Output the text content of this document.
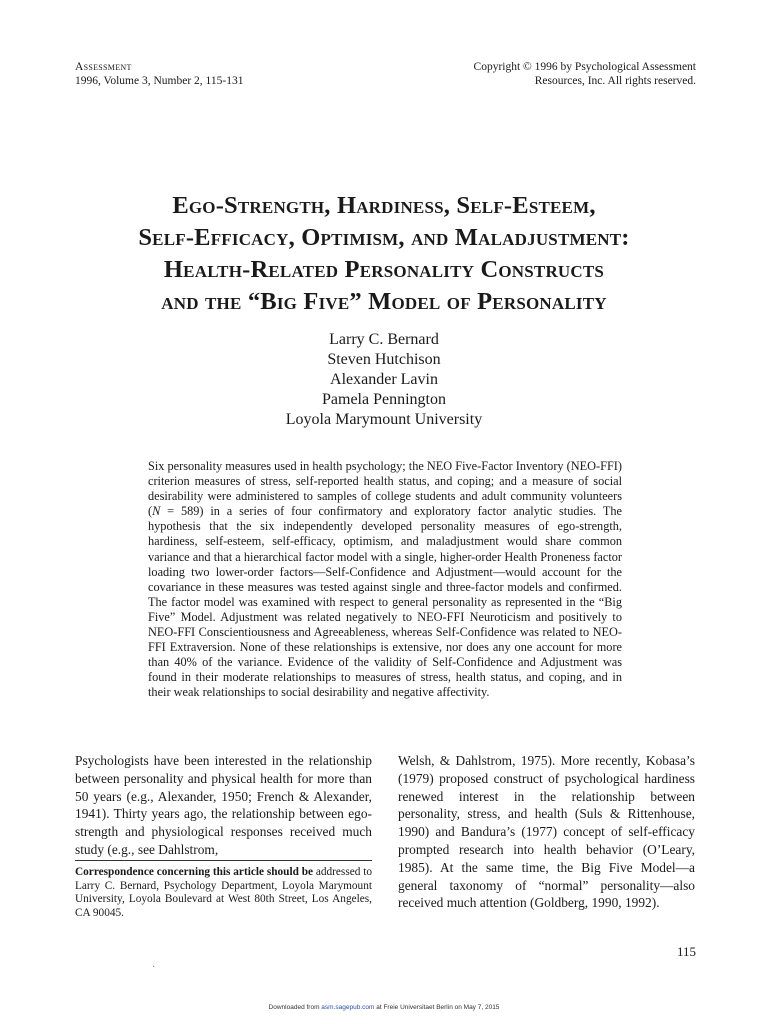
Assessment
1996, Volume 3, Number 2, 115-131
Copyright © 1996 by Psychological Assessment
Resources, Inc. All rights reserved.
Ego-Strength, Hardiness, Self-Esteem,
Self-Efficacy, Optimism, and Maladjustment:
Health-Related Personality Constructs
and the “Big Five” Model of Personality
Larry C. Bernard
Steven Hutchison
Alexander Lavin
Pamela Pennington
Loyola Marymount University
Six personality measures used in health psychology; the NEO Five-Factor Inventory (NEO-FFI) criterion measures of stress, self-reported health status, and coping; and a measure of social desirability were administered to samples of college students and adult community volunteers (N = 589) in a series of four confirmatory and exploratory factor analytic studies. The hypothesis that the six independently developed personality measures of ego-strength, hardiness, self-esteem, self-efficacy, optimism, and maladjustment would share common variance and that a hierarchical factor model with a single, higher-order Health Proneness factor loading two lower-order factors—Self-Confidence and Adjustment—would account for the covariance in these measures was tested against single and three-factor models and confirmed. The factor model was examined with respect to general personality as represented in the “Big Five” Model. Adjustment was related negatively to NEO-FFI Neuroticism and positively to NEO-FFI Conscientiousness and Agreeableness, whereas Self-Confidence was related to NEO-FFI Extraversion. None of these relationships is extensive, nor does any one account for more than 40% of the variance. Evidence of the validity of Self-Confidence and Adjustment was found in their moderate relationships to measures of stress, health status, and coping, and in their weak relationships to social desirability and negative affectivity.
Psychologists have been interested in the relationship between personality and physical health for more than 50 years (e.g., Alexander, 1950; French & Alexander, 1941). Thirty years ago, the relationship between ego-strength and physiological responses received much study (e.g., see Dahlstrom,
Correspondence concerning this article should be addressed to Larry C. Bernard, Psychology Department, Loyola Marymount University, Loyola Boulevard at West 80th Street, Los Angeles, CA 90045.
Welsh, & Dahlstrom, 1975). More recently, Kobasa’s (1979) proposed construct of psychological hardiness renewed interest in the relationship between personality, stress, and health (Suls & Rittenhouse, 1990) and Bandura’s (1977) concept of self-efficacy prompted research into health behavior (O’Leary, 1985). At the same time, the Big Five Model—a general taxonomy of “normal” personality—also received much attention (Goldberg, 1990, 1992).
115
·
Downloaded from asm.sagepub.com at Freie Universitaet Berlin on May 7, 2015
